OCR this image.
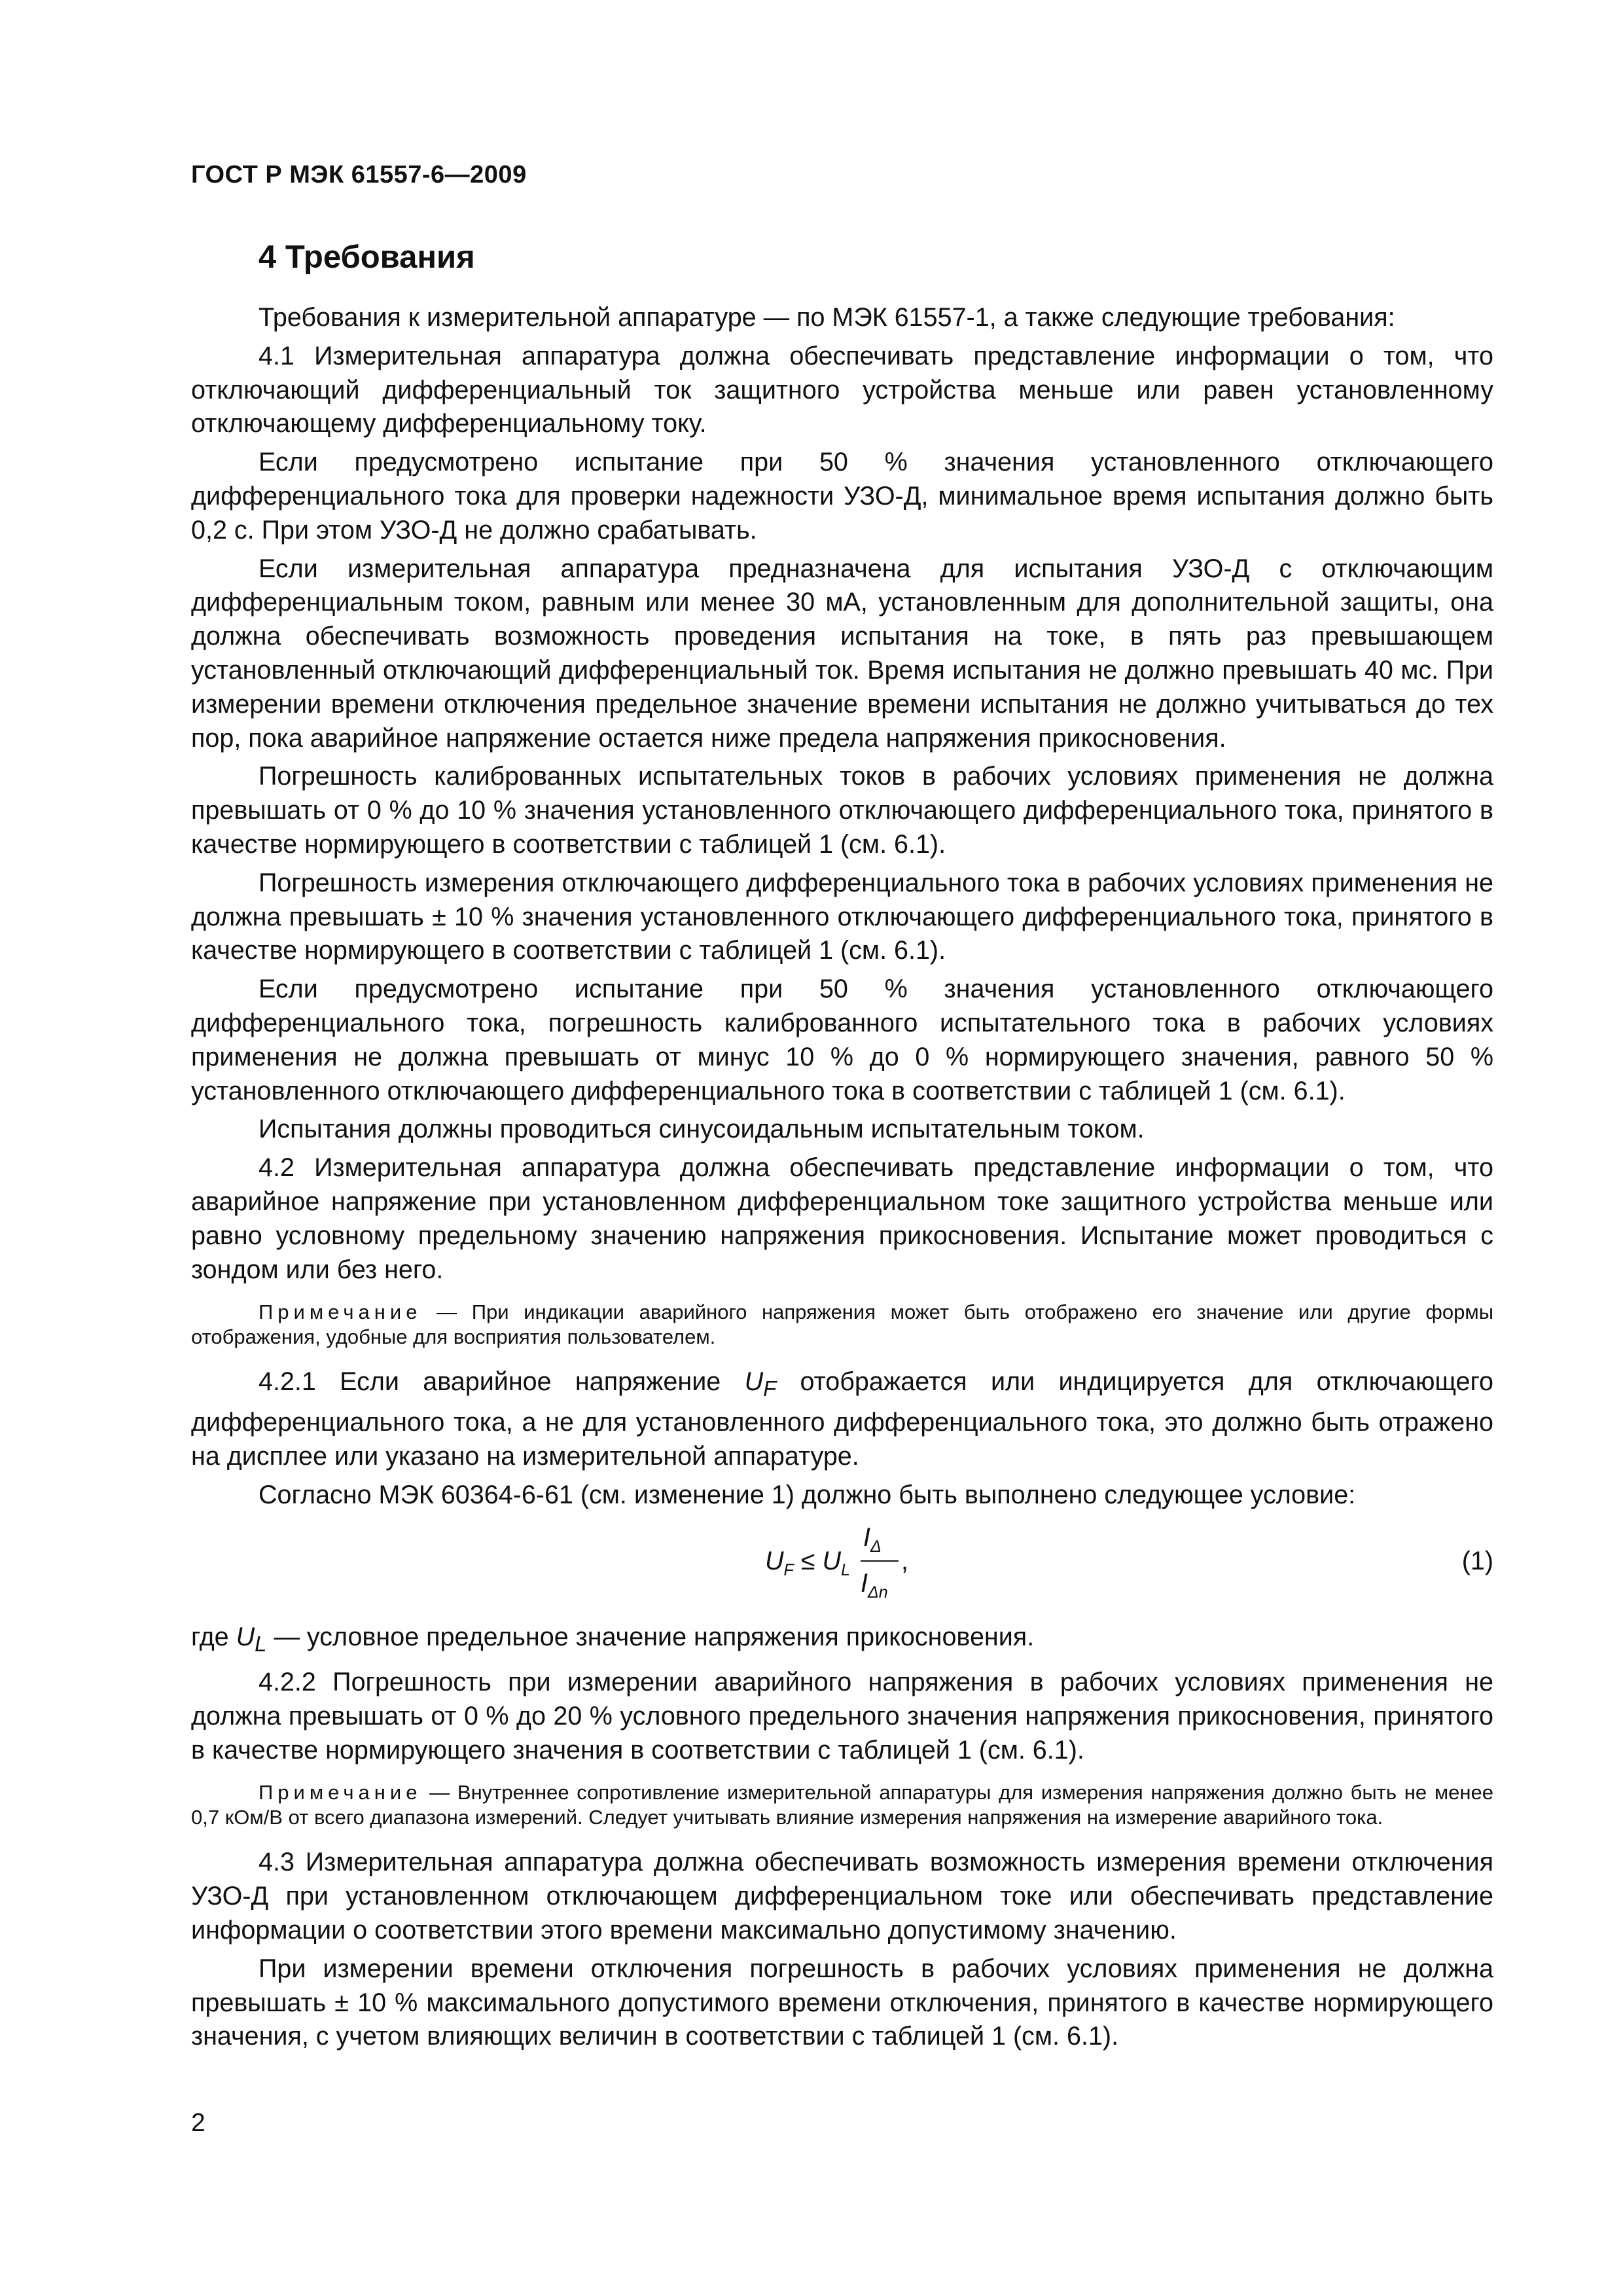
ГОСТ Р МЭК 61557-6—2009
4 Требования

Требования к измерительной аппаратуре — по МЭК 61557-1, а также следующие требования:

4.1 Измерительная аппаратура должна обеспечивать представление информации о том, что отключающий дифференциальный ток защитного устройства меньше или равен установленному отключающему дифференциальному току.

Если предусмотрено испытание при 50 % значения установленного отключающего дифференциального тока для проверки надежности УЗО-Д, минимальное время испытания должно быть 0,2 с. При этом УЗО-Д не должно срабатывать.

Если измерительная аппаратура предназначена для испытания УЗО-Д с отключающим дифференциальным током, равным или менее 30 мА, установленным для дополнительной защиты, она должна обеспечивать возможность проведения испытания на токе, в пять раз превышающем установленный отключающий дифференциальный ток. Время испытания не должно превышать 40 мс. При измерении времени отключения предельное значение времени испытания не должно учитываться до тех пор, пока аварийное напряжение остается ниже предела напряжения прикосновения.

Погрешность калиброванных испытательных токов в рабочих условиях применения не должна превышать от 0 % до 10 % значения установленного отключающего дифференциального тока, принятого в качестве нормирующего в соответствии с таблицей 1 (см. 6.1).

Погрешность измерения отключающего дифференциального тока в рабочих условиях применения не должна превышать ± 10 % значения установленного отключающего дифференциального тока, принятого в качестве нормирующего в соответствии с таблицей 1 (см. 6.1).

Если предусмотрено испытание при 50 % значения установленного отключающего дифференциального тока, погрешность калиброванного испытательного тока в рабочих условиях применения не должна превышать от минус 10 % до 0 % нормирующего значения, равного 50 % установленного отключающего дифференциального тока в соответствии с таблицей 1 (см. 6.1).

Испытания должны проводиться синусоидальным испытательным током.

4.2 Измерительная аппаратура должна обеспечивать представление информации о том, что аварийное напряжение при установленном дифференциальном токе защитного устройства меньше или равно условному предельному значению напряжения прикосновения. Испытание может проводиться с зондом или без него.

Примечание — При индикации аварийного напряжения может быть отображено его значение или другие формы отображения, удобные для восприятия пользователем.

4.2.1 Если аварийное напряжение $U_F$ отображается или индицируется для отключающего дифференциального тока, а не для установленного дифференциального тока, это должно быть отражено на дисплее или указано на измерительной аппаратуре.

Согласно МЭК 60364-6-61 (см. изменение 1) должно быть выполнено следующее условие:

$U_F \le U_L$
$I_\Delta$
$I_{\Delta n}$
,	(1)

где $U_L$ — условное предельное значение напряжения прикосновения.

4.2.2 Погрешность при измерении аварийного напряжения в рабочих условиях применения не должна превышать от 0 % до 20 % условного предельного значения напряжения прикосновения, принятого в качестве нормирующего значения в соответствии с таблицей 1 (см. 6.1).

Примечание — Внутреннее сопротивление измерительной аппаратуры для измерения напряжения должно быть не менее 0,7 кОм/В от всего диапазона измерений. Следует учитывать влияние измерения напряжения на измерение аварийного тока.

4.3 Измерительная аппаратура должна обеспечивать возможность измерения времени отключения УЗО-Д при установленном отключающем дифференциальном токе или обеспечивать представление информации о соответствии этого времени максимально допустимому значению.

При измерении времени отключения погрешность в рабочих условиях применения не должна превышать ± 10 % максимального допустимого времени отключения, принятого в качестве нормирующего значения, с учетом влияющих величин в соответствии с таблицей 1 (см. 6.1).

2
